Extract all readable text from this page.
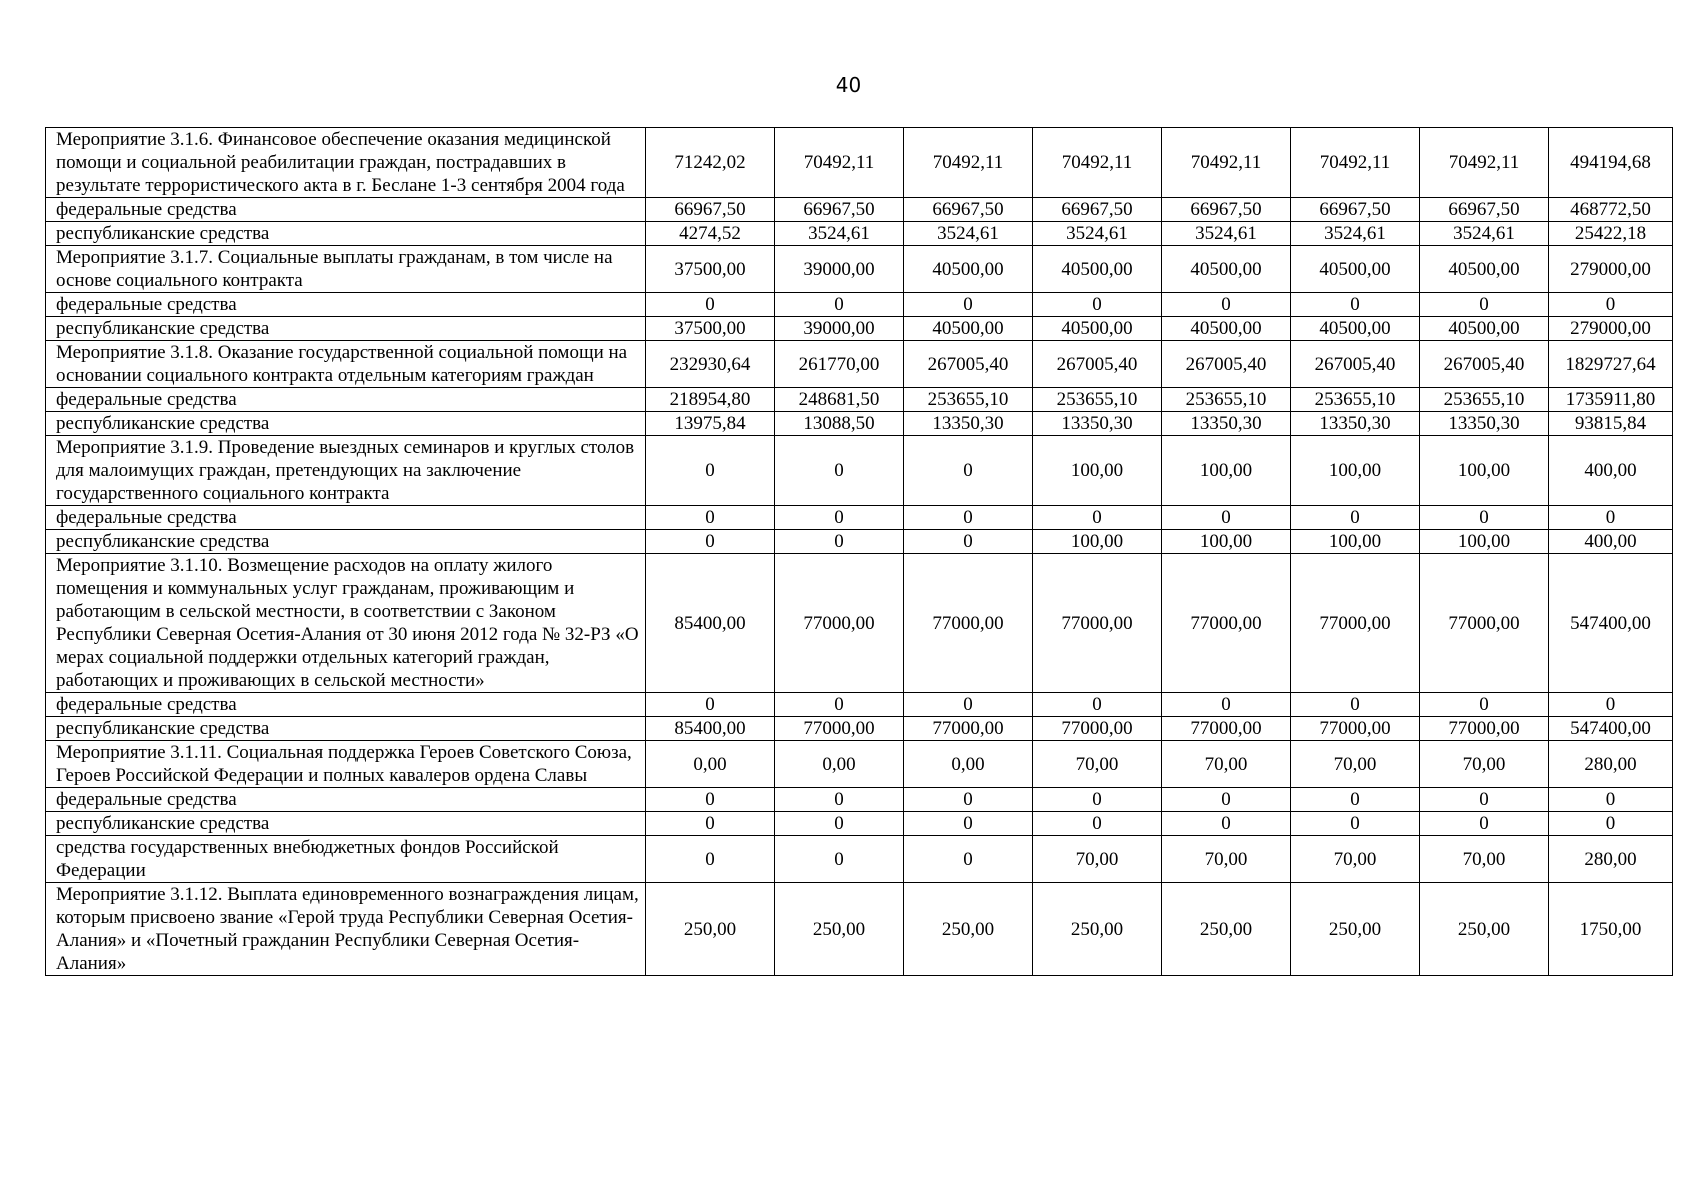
40
Мероприятие 3.1.6. Финансовое обеспечение оказания медицинской помощи и социальной реабилитации граждан, пострадавших в результате террористического акта в г. Беслане 1-3 сентября 2004 года	71242,02	70492,11	70492,11	70492,11	70492,11	70492,11	70492,11	494194,68
федеральные средства	66967,50	66967,50	66967,50	66967,50	66967,50	66967,50	66967,50	468772,50
республиканские средства	4274,52	3524,61	3524,61	3524,61	3524,61	3524,61	3524,61	25422,18
Мероприятие 3.1.7. Социальные выплаты гражданам, в том числе на основе социального контракта	37500,00	39000,00	40500,00	40500,00	40500,00	40500,00	40500,00	279000,00
федеральные средства	0	0	0	0	0	0	0	0
республиканские средства	37500,00	39000,00	40500,00	40500,00	40500,00	40500,00	40500,00	279000,00
Мероприятие 3.1.8. Оказание государственной социальной помощи на основании социального контракта отдельным категориям граждан	232930,64	261770,00	267005,40	267005,40	267005,40	267005,40	267005,40	1829727,64
федеральные средства	218954,80	248681,50	253655,10	253655,10	253655,10	253655,10	253655,10	1735911,80
республиканские средства	13975,84	13088,50	13350,30	13350,30	13350,30	13350,30	13350,30	93815,84
Мероприятие 3.1.9. Проведение выездных семинаров и круглых столов для малоимущих граждан, претендующих на заключение государственного социального контракта	0	0	0	100,00	100,00	100,00	100,00	400,00
федеральные средства	0	0	0	0	0	0	0	0
республиканские средства	0	0	0	100,00	100,00	100,00	100,00	400,00
Мероприятие 3.1.10. Возмещение расходов на оплату жилого помещения и коммунальных услуг гражданам, проживающим и работающим в сельской местности, в соответствии с Законом Республики Северная Осетия-Алания от 30 июня 2012 года № 32-РЗ «О мерах социальной поддержки отдельных категорий граждан, работающих и проживающих в сельской местности»	85400,00	77000,00	77000,00	77000,00	77000,00	77000,00	77000,00	547400,00
федеральные средства	0	0	0	0	0	0	0	0
республиканские средства	85400,00	77000,00	77000,00	77000,00	77000,00	77000,00	77000,00	547400,00
Мероприятие 3.1.11. Социальная поддержка Героев Советского Союза, Героев Российской Федерации и полных кавалеров ордена Славы	0,00	0,00	0,00	70,00	70,00	70,00	70,00	280,00
федеральные средства	0	0	0	0	0	0	0	0
республиканские средства	0	0	0	0	0	0	0	0
средства государственных внебюджетных фондов Российской Федерации	0	0	0	70,00	70,00	70,00	70,00	280,00
Мероприятие 3.1.12. Выплата единовременного вознаграждения лицам, которым присвоено звание «Герой труда Республики Северная Осетия-Алания» и «Почетный гражданин Республики Северная Осетия-Алания»	250,00	250,00	250,00	250,00	250,00	250,00	250,00	1750,00
